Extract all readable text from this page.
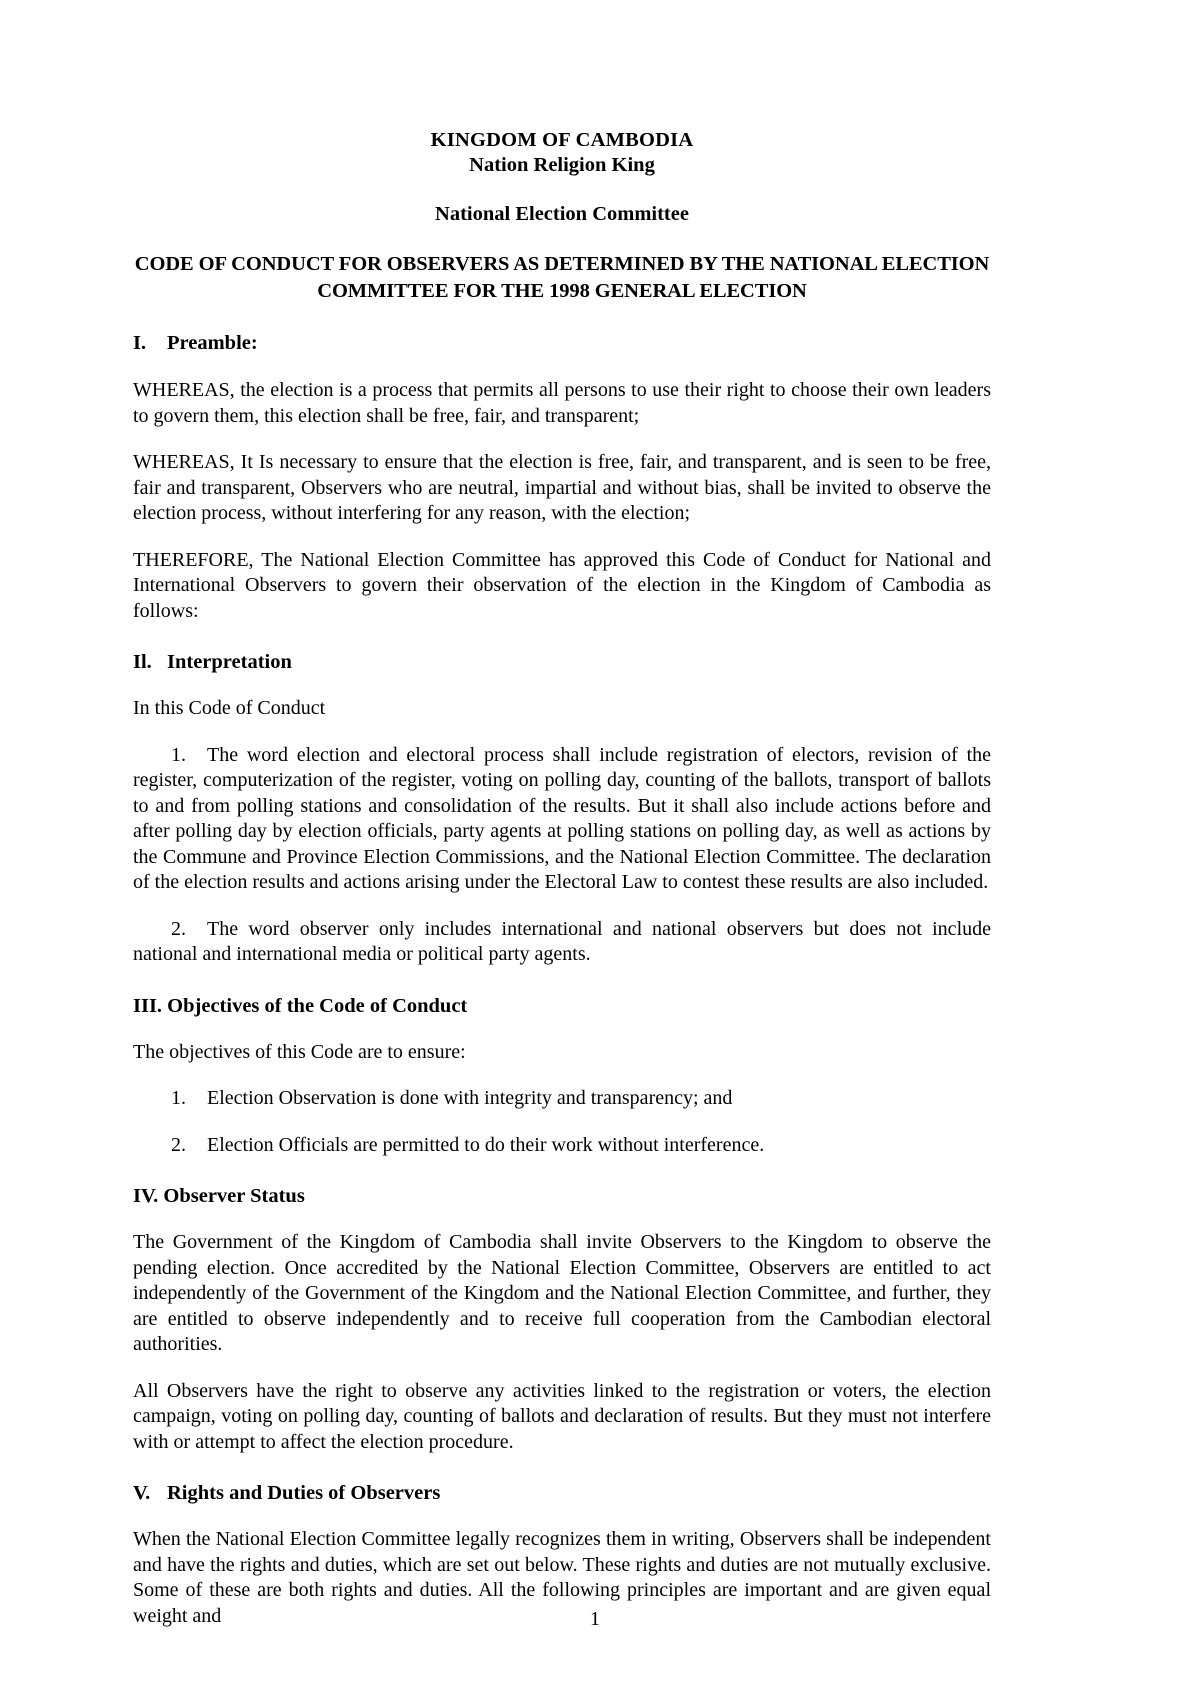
KINGDOM OF CAMBODIA
Nation Religion King
National Election Committee
CODE OF CONDUCT FOR OBSERVERS AS DETERMINED BY THE NATIONAL ELECTION
COMMITTEE FOR THE 1998 GENERAL ELECTION
I. Preamble:

WHEREAS, the election is a process that permits all persons to use their right to choose their own leaders to govern them, this election shall be free, fair, and transparent;

WHEREAS, It Is necessary to ensure that the election is free, fair, and transparent, and is seen to be free, fair and transparent, Observers who are neutral, impartial and without bias, shall be invited to observe the election process, without interfering for any reason, with the election;

THEREFORE, The National Election Committee has approved this Code of Conduct for National and International Observers to govern their observation of the election in the Kingdom of Cambodia as follows:

Il. Interpretation

In this Code of Conduct

1. The word election and electoral process shall include registration of electors, revision of the register, computerization of the register, voting on polling day, counting of the ballots, transport of ballots to and from polling stations and consolidation of the results. But it shall also include actions before and after polling day by election officials, party agents at polling stations on polling day, as well as actions by the Commune and Province Election Commissions, and the National Election Committee. The declaration of the election results and actions arising under the Electoral Law to contest these results are also included.
2. The word observer only includes international and national observers but does not include national and international media or political party agents.
III. Objectives of the Code of Conduct

The objectives of this Code are to ensure:

1.	Election Observation is done with integrity and transparency; and
2.	Election Officials are permitted to do their work without interference.
IV. Observer Status

The Government of the Kingdom of Cambodia shall invite Observers to the Kingdom to observe the pending election. Once accredited by the National Election Committee, Observers are entitled to act independently of the Government of the Kingdom and the National Election Committee, and further, they are entitled to observe independently and to receive full cooperation from the Cambodian electoral authorities.

All Observers have the right to observe any activities linked to the registration or voters, the election campaign, voting on polling day, counting of ballots and declaration of results. But they must not interfere with or attempt to affect the election procedure.

V. Rights and Duties of Observers

When the National Election Committee legally recognizes them in writing, Observers shall be independent and have the rights and duties, which are set out below. These rights and duties are not mutually exclusive. Some of these are both rights and duties. All the following principles are important and are given equal weight and	1
